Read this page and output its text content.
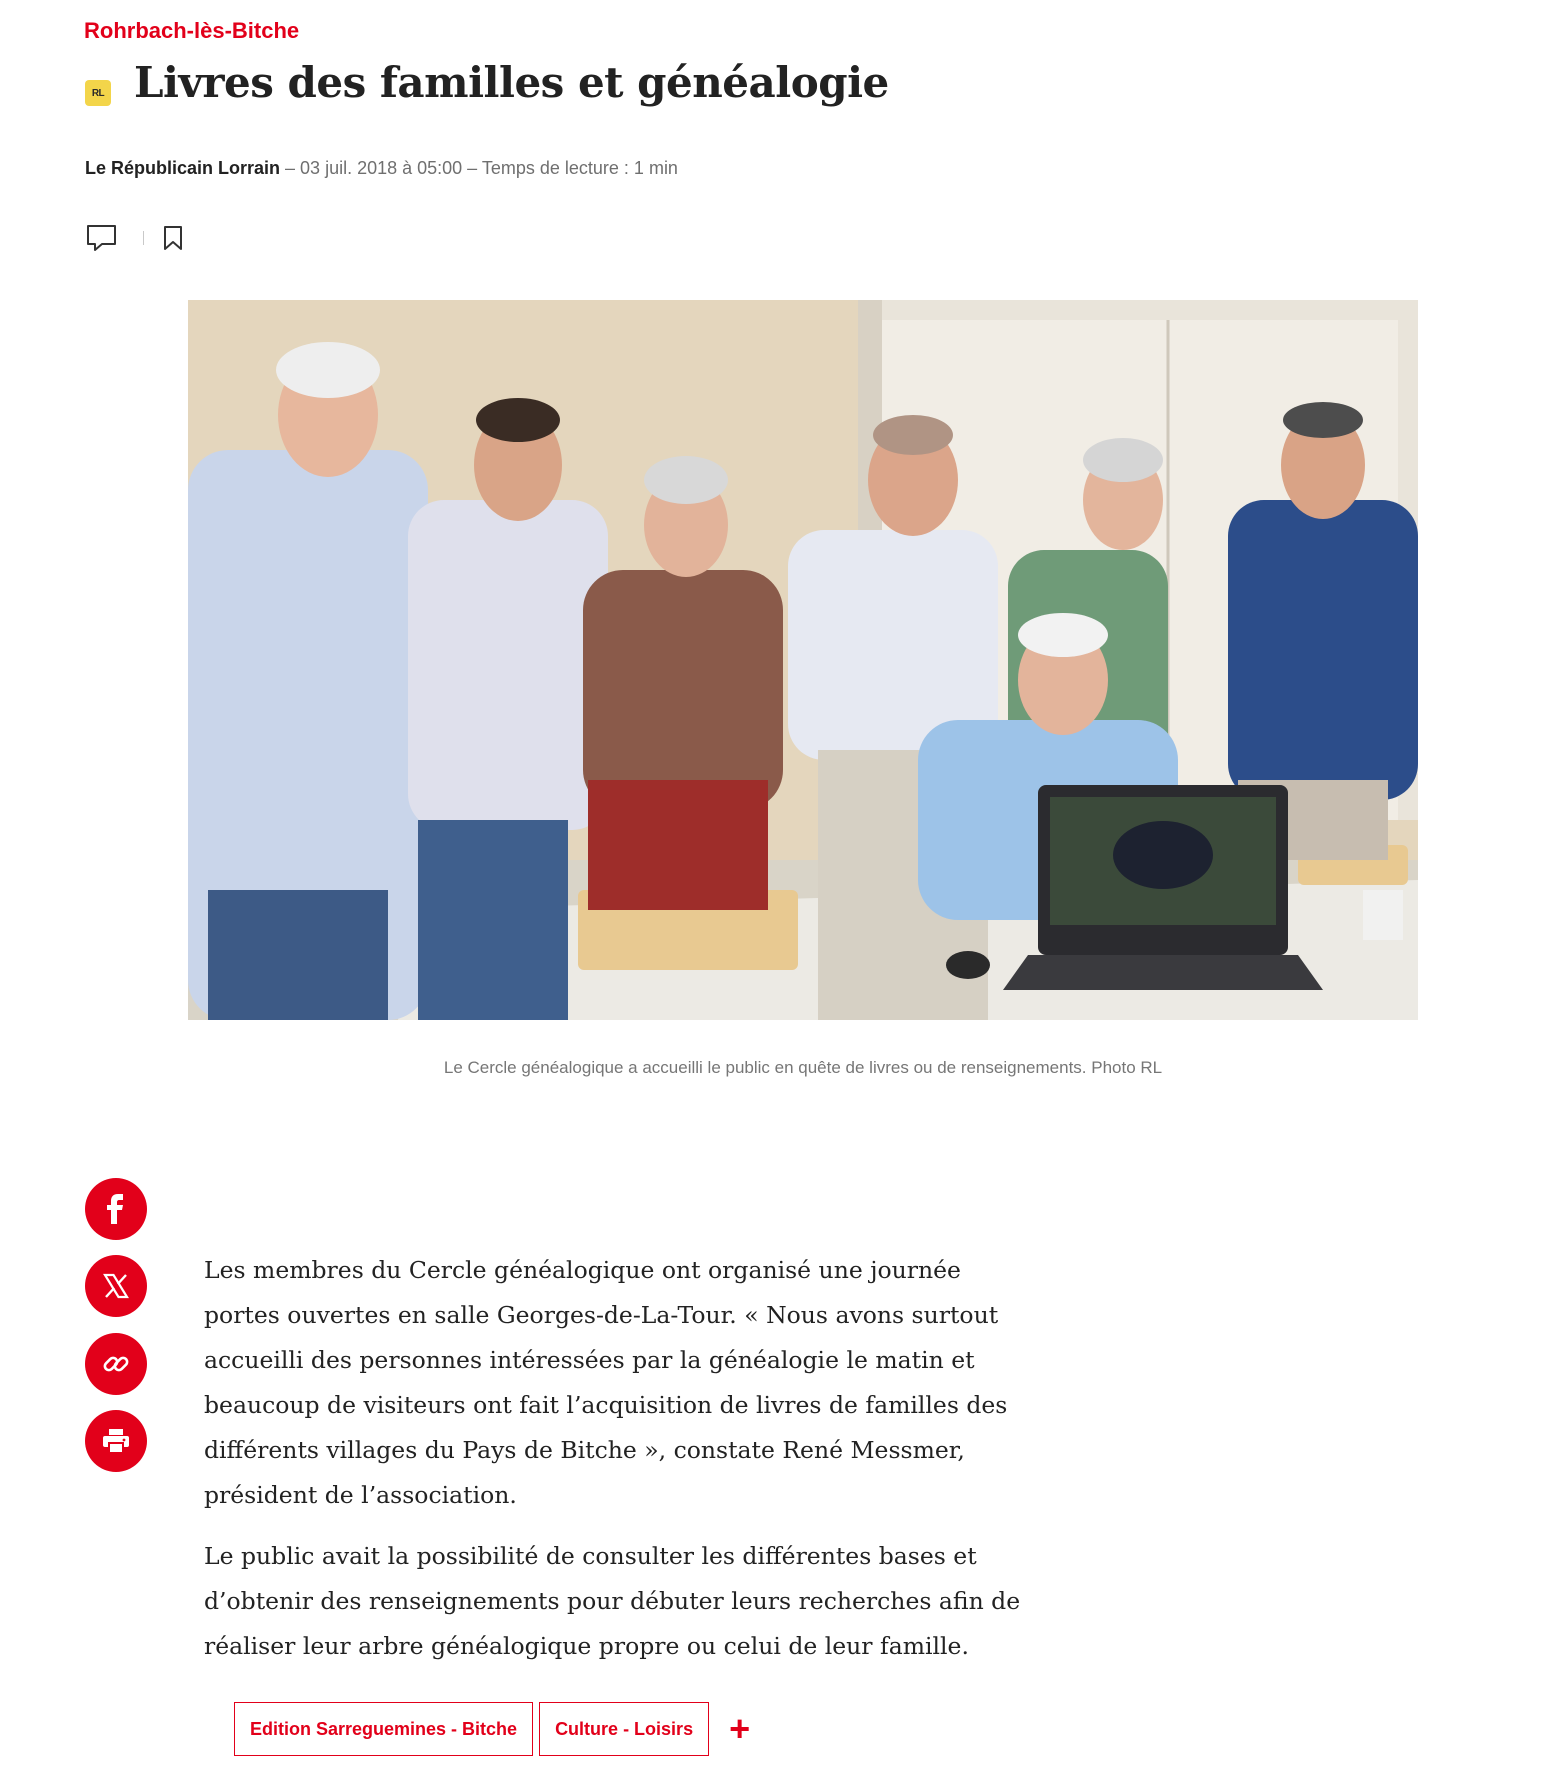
Rohrbach-lès-Bitche
RL Livres des familles et généalogie
Le Républicain Lorrain – 03 juil. 2018 à 05:00 – Temps de lecture : 1 min
Le Cercle généalogique a accueilli le public en quête de livres ou de renseignements. Photo RL

Les membres du Cercle généalogique ont organisé une journée portes ouvertes en salle Georges-de-La-Tour. « Nous avons surtout accueilli des personnes intéressées par la généalogie le matin et beaucoup de visiteurs ont fait l’acquisition de livres de familles des différents villages du Pays de Bitche », constate René Messmer, président de l’association.

Le public avait la possibilité de consulter les différentes bases et d’obtenir des renseignements pour débuter leurs recherches afin de réaliser leur arbre généalogique propre ou celui de leur famille.

Edition Sarreguemines - Bitche	Culture - Loisirs	+
